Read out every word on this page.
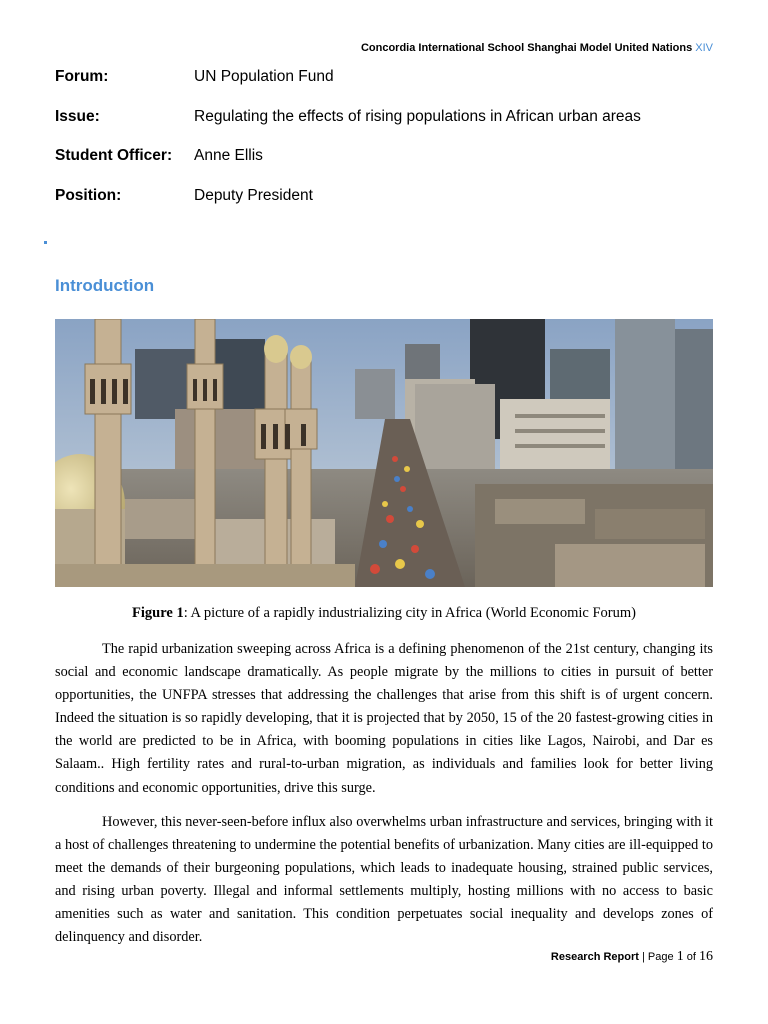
Concordia International School Shanghai Model United Nations XIV
Forum:	UN Population Fund
Issue:	Regulating the effects of rising populations in African urban areas
Student Officer: Anne Ellis
Position:	Deputy President
Introduction
Figure 1: A picture of a rapidly industrializing city in Africa (World Economic Forum)

The rapid urbanization sweeping across Africa is a defining phenomenon of the 21st century, changing its social and economic landscape dramatically. As people migrate by the millions to cities in pursuit of better opportunities, the UNFPA stresses that addressing the challenges that arise from this shift is of urgent concern. Indeed the situation is so rapidly developing, that it is projected that by 2050, 15 of the 20 fastest-growing cities in the world are predicted to be in Africa, with booming populations in cities like Lagos, Nairobi, and Dar es Salaam.. High fertility rates and rural-to-urban migration, as individuals and families look for better living conditions and economic opportunities, drive this surge.

However, this never-seen-before influx also overwhelms urban infrastructure and services, bringing with it a host of challenges threatening to undermine the potential benefits of urbanization. Many cities are ill-equipped to meet the demands of their burgeoning populations, which leads to inadequate housing, strained public services, and rising urban poverty. Illegal and informal settlements multiply, hosting millions with no access to basic amenities such as water and sanitation. This condition perpetuates social inequality and develops zones of delinquency and disorder.

Research Report | Page 1 of 16
